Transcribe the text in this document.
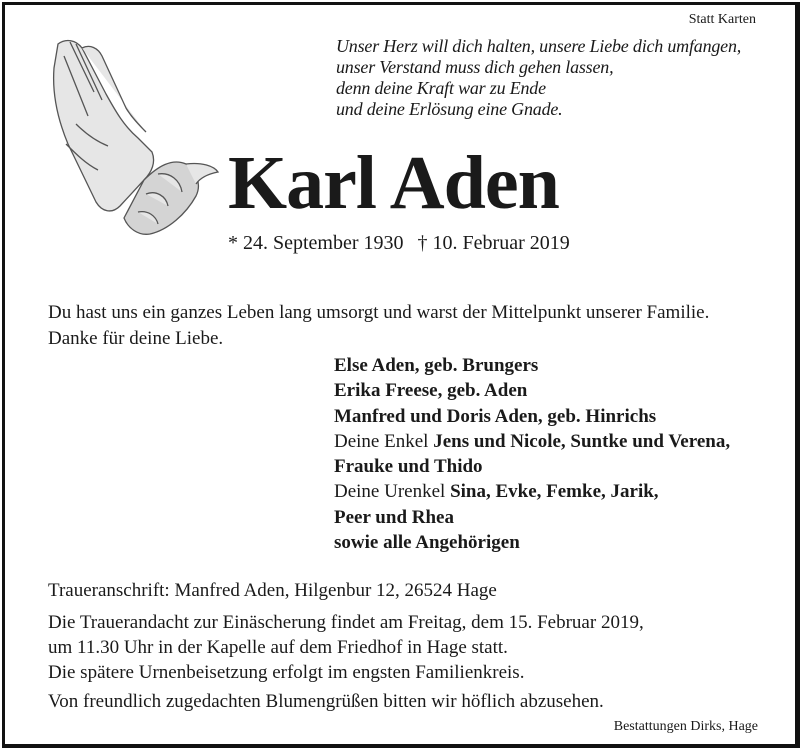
Statt Karten
Unser Herz will dich halten, unsere Liebe dich umfangen,
unser Verstand muss dich gehen lassen,
denn deine Kraft war zu Ende
und deine Erlösung eine Gnade.
Karl Aden
* 24. September 1930 † 10. Februar 2019
Du hast uns ein ganzes Leben lang umsorgt und warst der Mittelpunkt unserer Familie.
Danke für deine Liebe.
Else Aden, geb. Brungers
Erika Freese, geb. Aden
Manfred und Doris Aden, geb. Hinrichs
Deine Enkel Jens und Nicole, Suntke und Verena,
Frauke und Thido
Deine Urenkel Sina, Evke, Femke, Jarik,
Peer und Rhea
sowie alle Angehörigen
Traueranschrift: Manfred Aden, Hilgenbur 12, 26524 Hage
Die Trauerandacht zur Einäscherung findet am Freitag, dem 15. Februar 2019,
um 11.30 Uhr in der Kapelle auf dem Friedhof in Hage statt.
Die spätere Urnenbeisetzung erfolgt im engsten Familienkreis.
Von freundlich zugedachten Blumengrüßen bitten wir höflich abzusehen.
Bestattungen Dirks, Hage
